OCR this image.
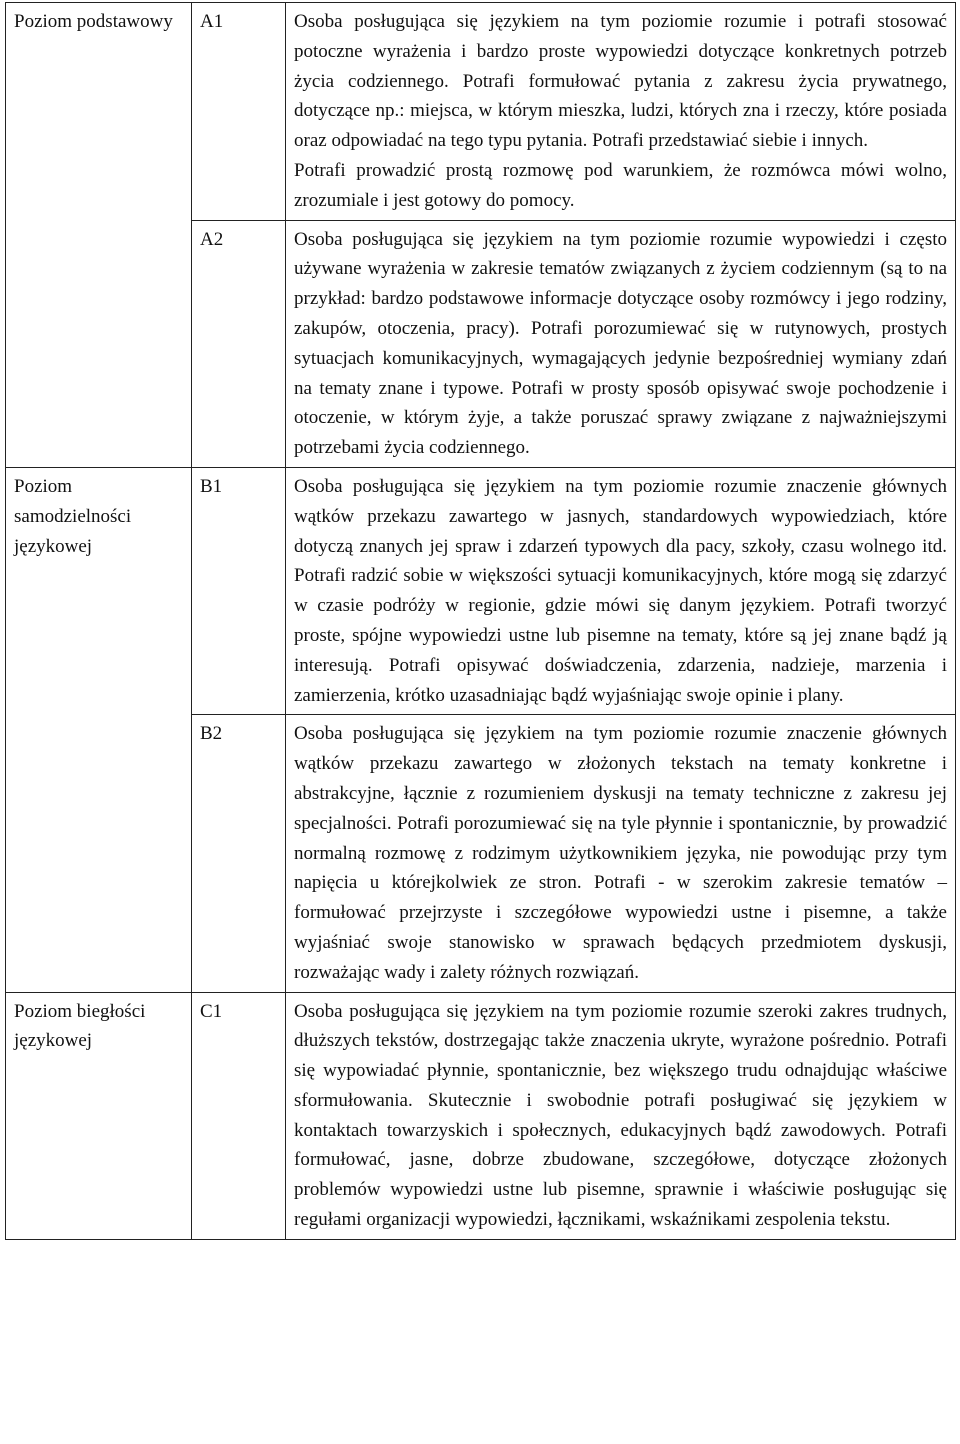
Poziom podstawowy	A1	Osoba posługująca się językiem na tym poziomie rozumie i potrafi stosować potoczne wyrażenia i bardzo proste wypowiedzi dotyczące konkretnych potrzeb życia codziennego. Potrafi formułować pytania z zakresu życia prywatnego, dotyczące np.: miejsca, w którym mieszka, ludzi, których zna i rzeczy, które posiada oraz odpowiadać na tego typu pytania. Potrafi przedstawiać siebie i innych.
Potrafi prowadzić prostą rozmowę pod warunkiem, że rozmówca mówi wolno, zrozumiale i jest gotowy do pomocy.

	A2	Osoba posługująca się językiem na tym poziomie rozumie wypowiedzi i często używane wyrażenia w zakresie tematów związanych z życiem codziennym (są to na przykład: bardzo podstawowe informacje dotyczące osoby rozmówcy i jego rodziny, zakupów, otoczenia, pracy). Potrafi porozumiewać się w rutynowych, prostych sytuacjach komunikacyjnych, wymagających jedynie bezpośredniej wymiany zdań na tematy znane i typowe. Potrafi w prosty sposób opisywać swoje pochodzenie i otoczenie, w którym żyje, a także poruszać sprawy związane z najważniejszymi potrzebami życia codziennego.

Poziom samodzielności językowej	B1	Osoba posługująca się językiem na tym poziomie rozumie znaczenie głównych wątków przekazu zawartego w jasnych, standardowych wypowiedziach, które dotyczą znanych jej spraw i zdarzeń typowych dla pacy, szkoły, czasu wolnego itd. Potrafi radzić sobie w większości sytuacji komunikacyjnych, które mogą się zdarzyć w czasie podróży w regionie, gdzie mówi się danym językiem. Potrafi tworzyć proste, spójne wypowiedzi ustne lub pisemne na tematy, które są jej znane bądź ją interesują. Potrafi opisywać doświadczenia, zdarzenia, nadzieje, marzenia i zamierzenia, krótko uzasadniając bądź wyjaśniając swoje opinie i plany.

	B2	Osoba posługująca się językiem na tym poziomie rozumie znaczenie głównych wątków przekazu zawartego w złożonych tekstach na tematy konkretne i abstrakcyjne, łącznie z rozumieniem dyskusji na tematy techniczne z zakresu jej specjalności. Potrafi porozumiewać się na tyle płynnie i spontanicznie, by prowadzić normalną rozmowę z rodzimym użytkownikiem języka, nie powodując przy tym napięcia u którejkolwiek ze stron. Potrafi - w szerokim zakresie tematów – formułować przejrzyste i szczegółowe wypowiedzi ustne i pisemne, a także wyjaśniać swoje stanowisko w sprawach będących przedmiotem dyskusji, rozważając wady i zalety różnych rozwiązań.

Poziom biegłości językowej	C1	Osoba posługująca się językiem na tym poziomie rozumie szeroki zakres trudnych, dłuższych tekstów, dostrzegając także znaczenia ukryte, wyrażone pośrednio. Potrafi się wypowiadać płynnie, spontanicznie, bez większego trudu odnajdując właściwe sformułowania. Skutecznie i swobodnie potrafi posługiwać się językiem w kontaktach towarzyskich i społecznych, edukacyjnych bądź zawodowych. Potrafi formułować, jasne, dobrze zbudowane, szczegółowe, dotyczące złożonych problemów wypowiedzi ustne lub pisemne, sprawnie i właściwie posługując się regułami organizacji wypowiedzi, łącznikami, wskaźnikami zespolenia tekstu.
